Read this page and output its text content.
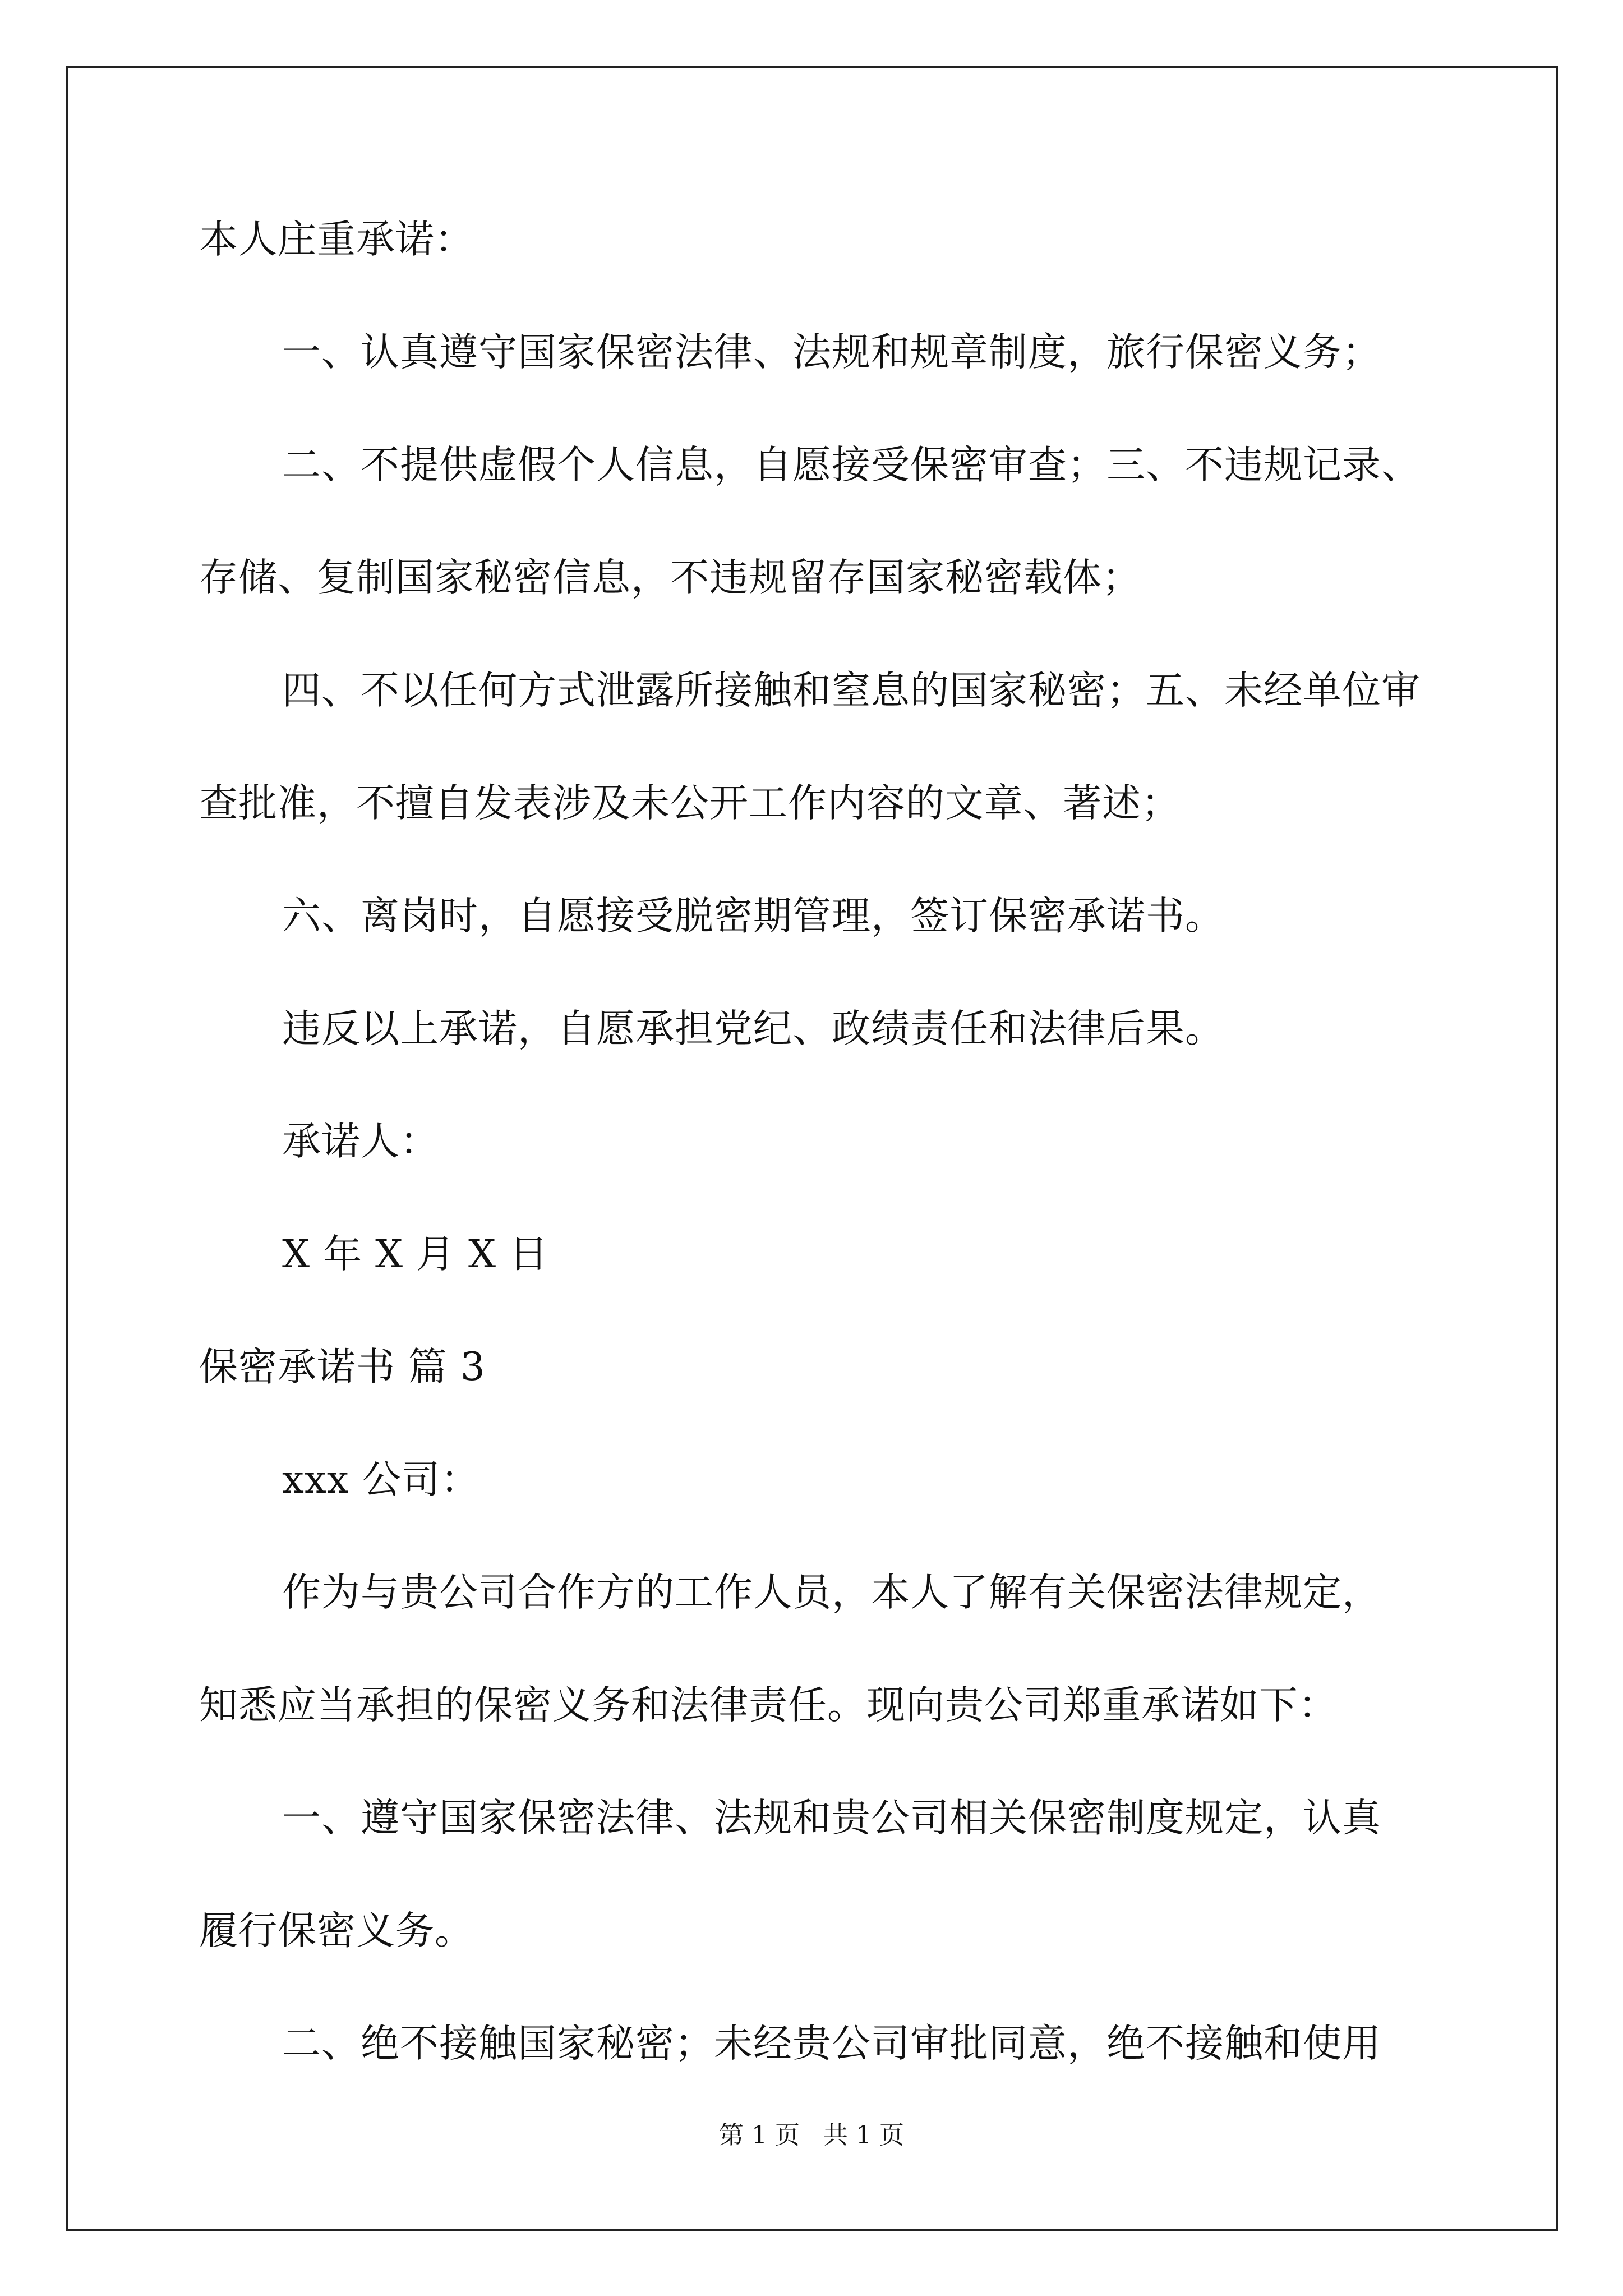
本人庄重承诺：
一、认真遵守国家保密法律、法规和规章制度，旅行保密义务；
二、不提供虚假个人信息，自愿接受保密审查；三、不违规记录、
存储、复制国家秘密信息，不违规留存国家秘密载体；
四、不以任何方式泄露所接触和窒息的国家秘密；五、未经单位审
查批准，不擅自发表涉及未公开工作内容的文章、著述；
六、离岗时，自愿接受脱密期管理，签订保密承诺书。
违反以上承诺，自愿承担党纪、政绩责任和法律后果。
承诺人：
X 年 X 月 X 日
保密承诺书 篇 3
xxx 公司：
作为与贵公司合作方的工作人员，本人了解有关保密法律规定，
知悉应当承担的保密义务和法律责任。现向贵公司郑重承诺如下：
一、遵守国家保密法律、法规和贵公司相关保密制度规定，认真
履行保密义务。
二、绝不接触国家秘密；未经贵公司审批同意，绝不接触和使用
第 1 页   共 1 页
